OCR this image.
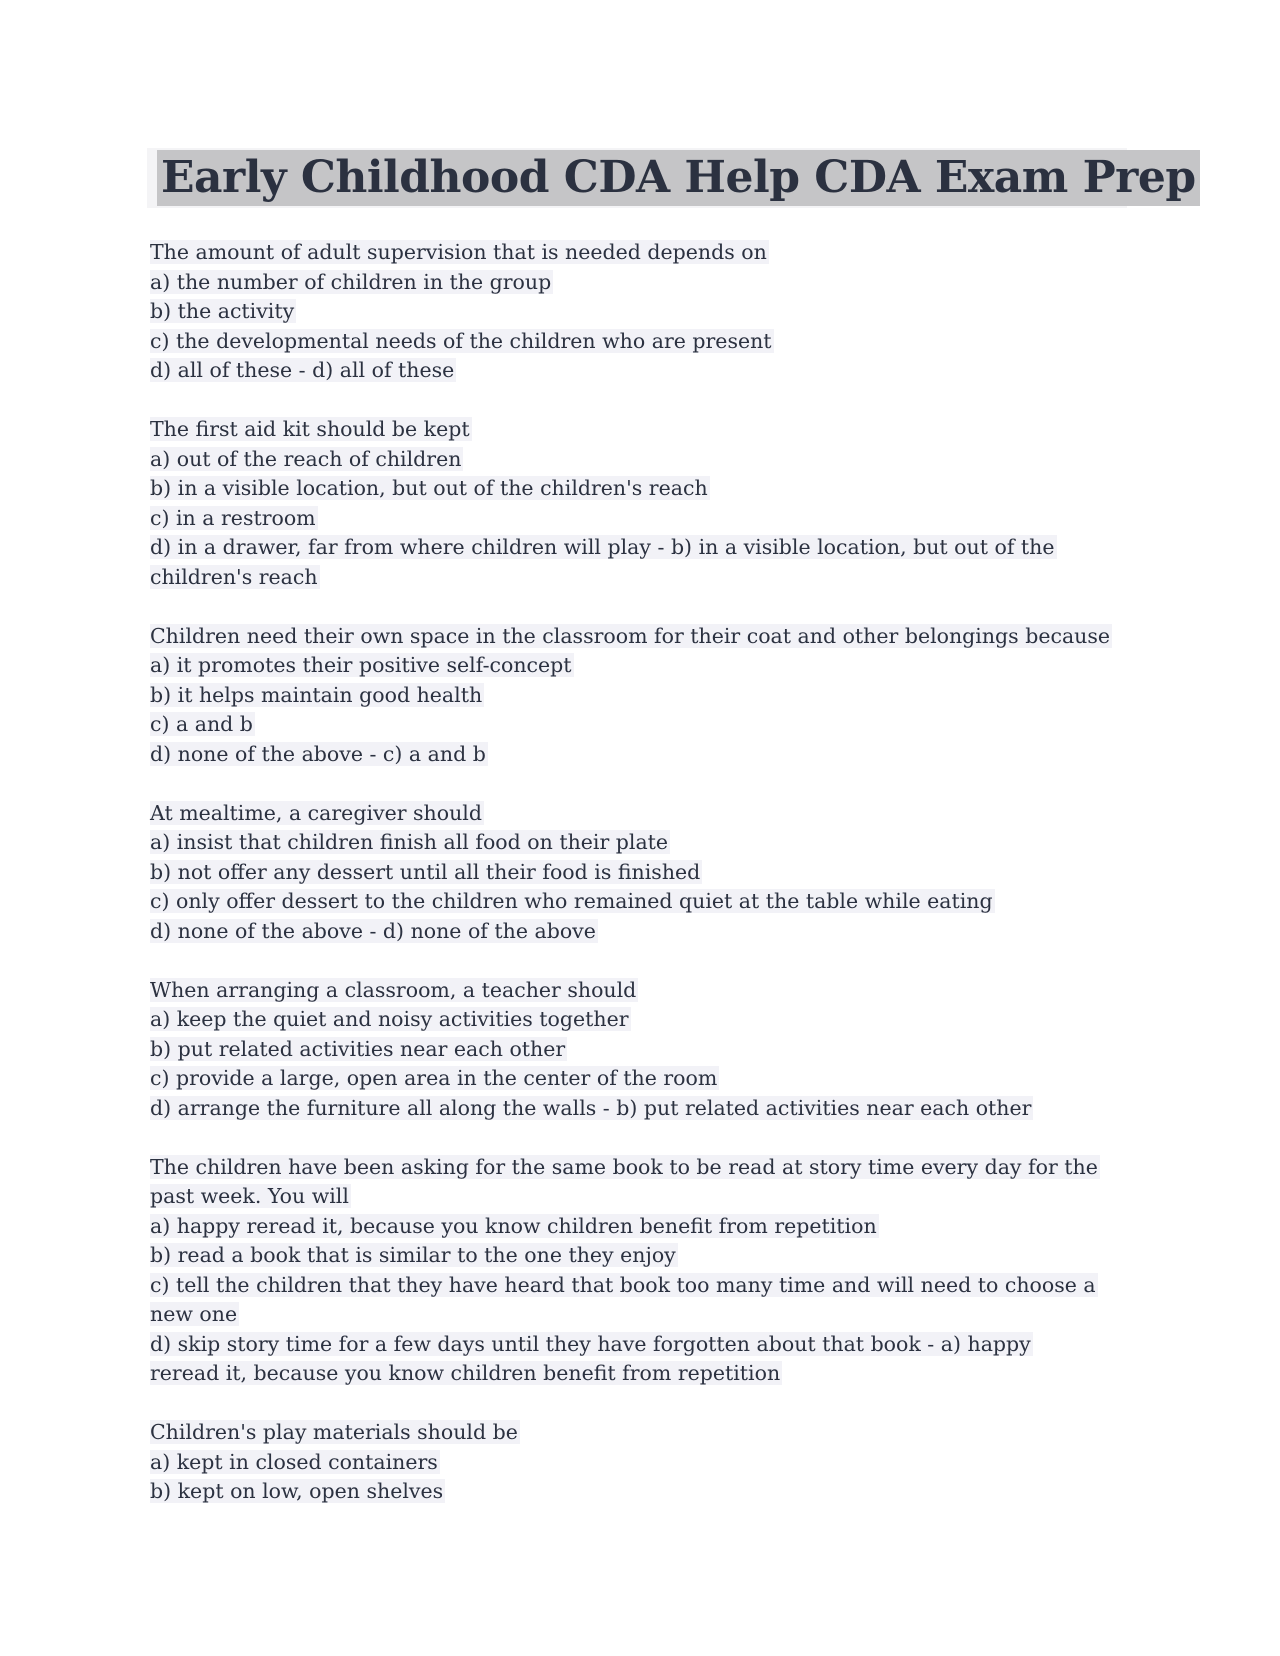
Early Childhood CDA Help CDA Exam Prep
The amount of adult supervision that is needed depends on
a) the number of children in the group
b) the activity
c) the developmental needs of the children who are present
d) all of these - d) all of these
The first aid kit should be kept
a) out of the reach of children
b) in a visible location, but out of the children's reach
c) in a restroom
d) in a drawer, far from where children will play - b) in a visible location, but out of the
children's reach
Children need their own space in the classroom for their coat and other belongings because
a) it promotes their positive self-concept
b) it helps maintain good health
c) a and b
d) none of the above - c) a and b
At mealtime, a caregiver should
a) insist that children finish all food on their plate
b) not offer any dessert until all their food is finished
c) only offer dessert to the children who remained quiet at the table while eating
d) none of the above - d) none of the above
When arranging a classroom, a teacher should
a) keep the quiet and noisy activities together
b) put related activities near each other
c) provide a large, open area in the center of the room
d) arrange the furniture all along the walls - b) put related activities near each other
The children have been asking for the same book to be read at story time every day for the
past week. You will
a) happy reread it, because you know children benefit from repetition
b) read a book that is similar to the one they enjoy
c) tell the children that they have heard that book too many time and will need to choose a
new one
d) skip story time for a few days until they have forgotten about that book - a) happy
reread it, because you know children benefit from repetition
Children's play materials should be
a) kept in closed containers
b) kept on low, open shelves
